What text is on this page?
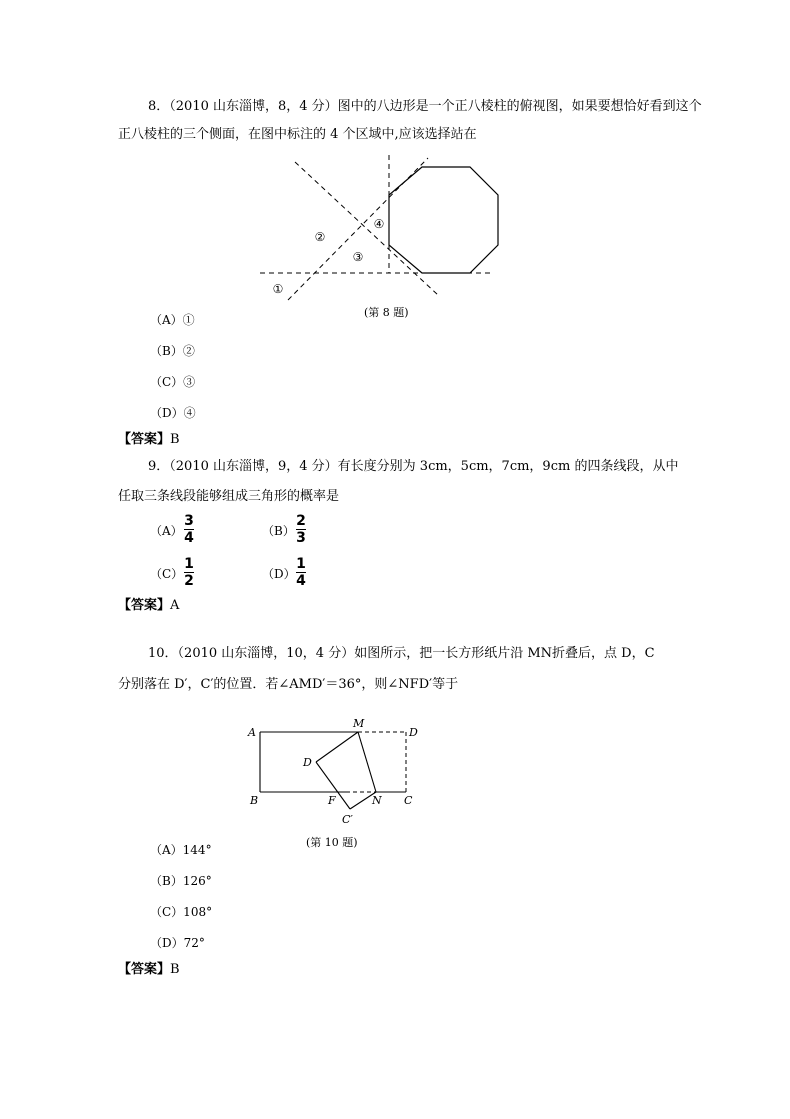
8．（2010 山东淄博，8，4 分）图中的八边形是一个正八棱柱的俯视图，如果要想恰好看到这个
正八棱柱的三个侧面，在图中标注的 4 个区域中,应该选择站在
①
②
③
④
(第 8 题)
（A）①
（B）②
（C）③
（D）④
【答案】B
9．（2010 山东淄博，9，4 分）有长度分别为 3cm，5cm，7cm，9cm 的四条线段，从中
任取三条线段能够组成三角形的概率是
（A）
3
4	（B）
2
3
（C）
1
2	（D）
1
4
【答案】A
10．（2010 山东淄博，10，4 分）如图所示，把一长方形纸片沿 MN折叠后，点 D，C
分别落在 D′，C′的位置．若∠AMD′＝36°，则∠NFD′等于
A
M
D
D
B	F	N C
C′
(第 10 题)
（A）144°
（B）126°
（C）108°
（D）72°
【答案】B
